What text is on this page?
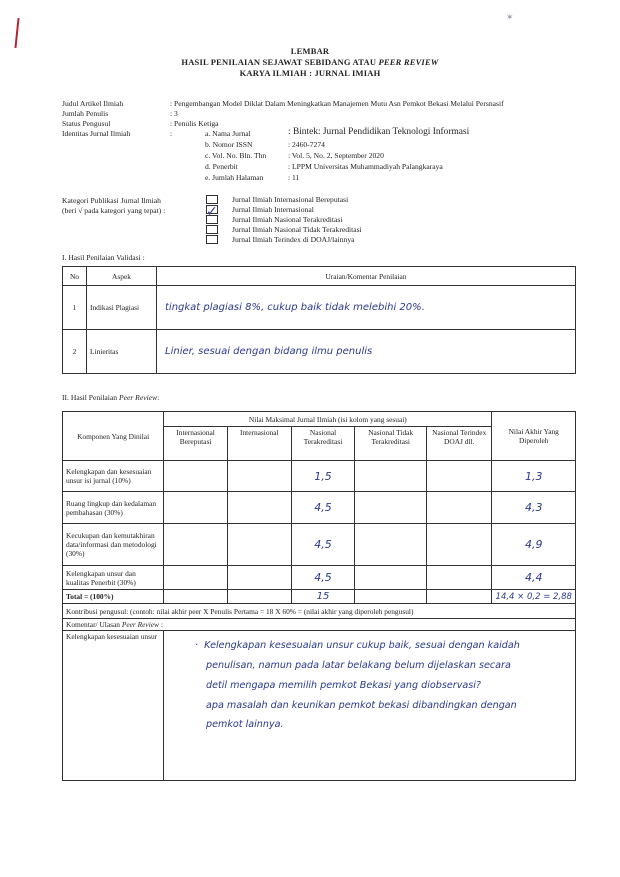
✶
LEMBAR
HASIL PENILAIAN SEJAWAT SEBIDANG ATAU PEER REVIEW
KARYA ILMIAH : JURNAL IMIAH
Judul Artikel Ilmiah	: Pengembangan Model Diklat Dalam Meningkatkan Manajemen Mutu Asn Pemkot Bekasi Melalui Persnasif
Jumlah Penulis	: 3
Status Pengusul	: Penulis Ketiga
Identitas Jurnal Ilmiah	:	a. Nama Jurnal	: Bintek: Jurnal Pendidikan Teknologi Informasi
b. Nomor ISSN	: 2460-7274
c. Vol. No. Bln. Thn	: Vol. 5, No. 2, September 2020
d. Penerbit	: LPPM Universitas Muhammadiyah Palangkaraya
e. Jumlah Halaman	: 11
Kategori Publikasi Jurnal Ilmiah
(beri √ pada kategori yang tepat) :
Jurnal Ilmiah Internasional Bereputasi
Jurnal Ilmiah Internasional
✓ Jurnal Ilmiah Nasional Terakreditasi
Jurnal Ilmiah Nasional Tidak Terakreditasi
Jurnal Ilmiah Terindex di DOAJ/lainnya
I. Hasil Penilaian Validasi :
No	Aspek	Uraian/Komentar Penilaian
1	Indikasi Plagiasi	tingkat plagiasi 8%, cukup baik tidak melebihi 20%.
2	Linieritas	Linier, sesuai dengan bidang ilmu penulis
II. Hasil Penilaian Peer Review:
Komponen Yang Dinilai	Nilai Maksimal Jurnal Ilmiah (isi kolom yang sesuai)					Nilai Akhir Yang Diperoleh
	Internasional Bereputasi	Internasional	Nasional Terakreditasi	Nasional Tidak Terakreditasi	Nasional Terindex DOAJ dll.	
Kelengkapan dan kesesuaian unsur isi jurnal (10%)			1,5			1,3
Ruang lingkup dan kedalaman pembahasan (30%)			4,5			4,3
Kecukupan dan kemutakhiran data/informasi dan metodologi (30%)			4,5			4,9
Kelengkapan unsur dan kualitas Penerbit (30%)			4,5			4,4
Total = (100%)			15			14,4 × 0,2 = 2,88
Kontribusi pengusul: (contoh: nilai akhir peer X Penulis Pertama = 18 X 60% = (nilai akhir yang diperoleh pengusul)						
Komentar/ Ulasan Peer Review :						
Kelengkapan kesesuaian unsur						
·  Kelengkapan kesesuaian unsur cukup baik, sesuai dengan kaidah
penulisan, namun pada latar belakang belum dijelaskan secara
detil mengapa memilih pemkot Bekasi yang diobservasi?
apa masalah dan keunikan pemkot bekasi dibandingkan dengan
pemkot lainnya.
